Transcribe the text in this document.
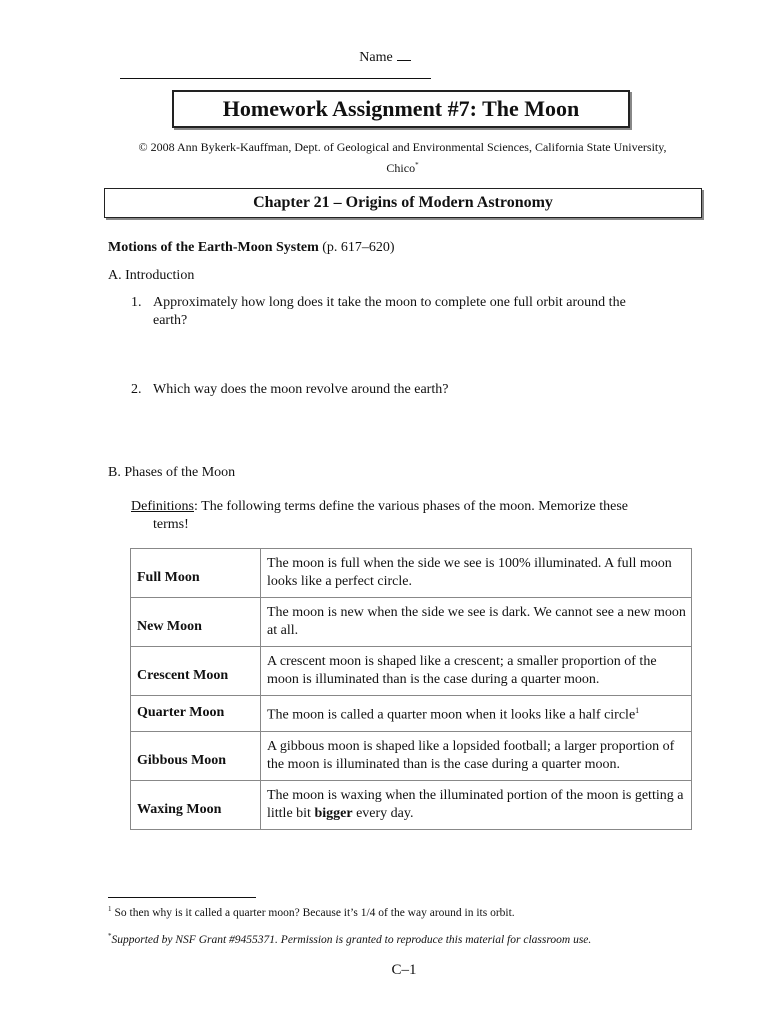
Name
Homework Assignment #7: The Moon
© 2008 Ann Bykerk-Kauffman, Dept. of Geological and Environmental Sciences, California State University,
Chico*
Chapter 21 – Origins of Modern Astronomy
Motions of the Earth-Moon System (p. 617–620)
A. Introduction
1. Approximately how long does it take the moon to complete one full orbit around the

earth?
2. Which way does the moon revolve around the earth?
B. Phases of the Moon
Definitions: The following terms define the various phases of the moon. Memorize these
terms!
Full Moon	The moon is full when the side we see is 100% illuminated. A full moon looks like a perfect circle.
New Moon	The moon is new when the side we see is dark. We cannot see a new moon at all.
Crescent Moon	A crescent moon is shaped like a crescent; a smaller proportion of the moon is illuminated than is the case during a quarter moon.
Quarter Moon	The moon is called a quarter moon when it looks like a half circle$^1$
Gibbous Moon	A gibbous moon is shaped like a lopsided football; a larger proportion of the moon is illuminated than is the case during a quarter moon.
Waxing Moon	The moon is waxing when the illuminated portion of the moon is getting a little bit bigger every day.
$^1$ So then why is it called a quarter moon? Because it’s 1/4 of the way around in its orbit.
*Supported by NSF Grant #9455371. Permission is granted to reproduce this material for classroom use.
C–1
